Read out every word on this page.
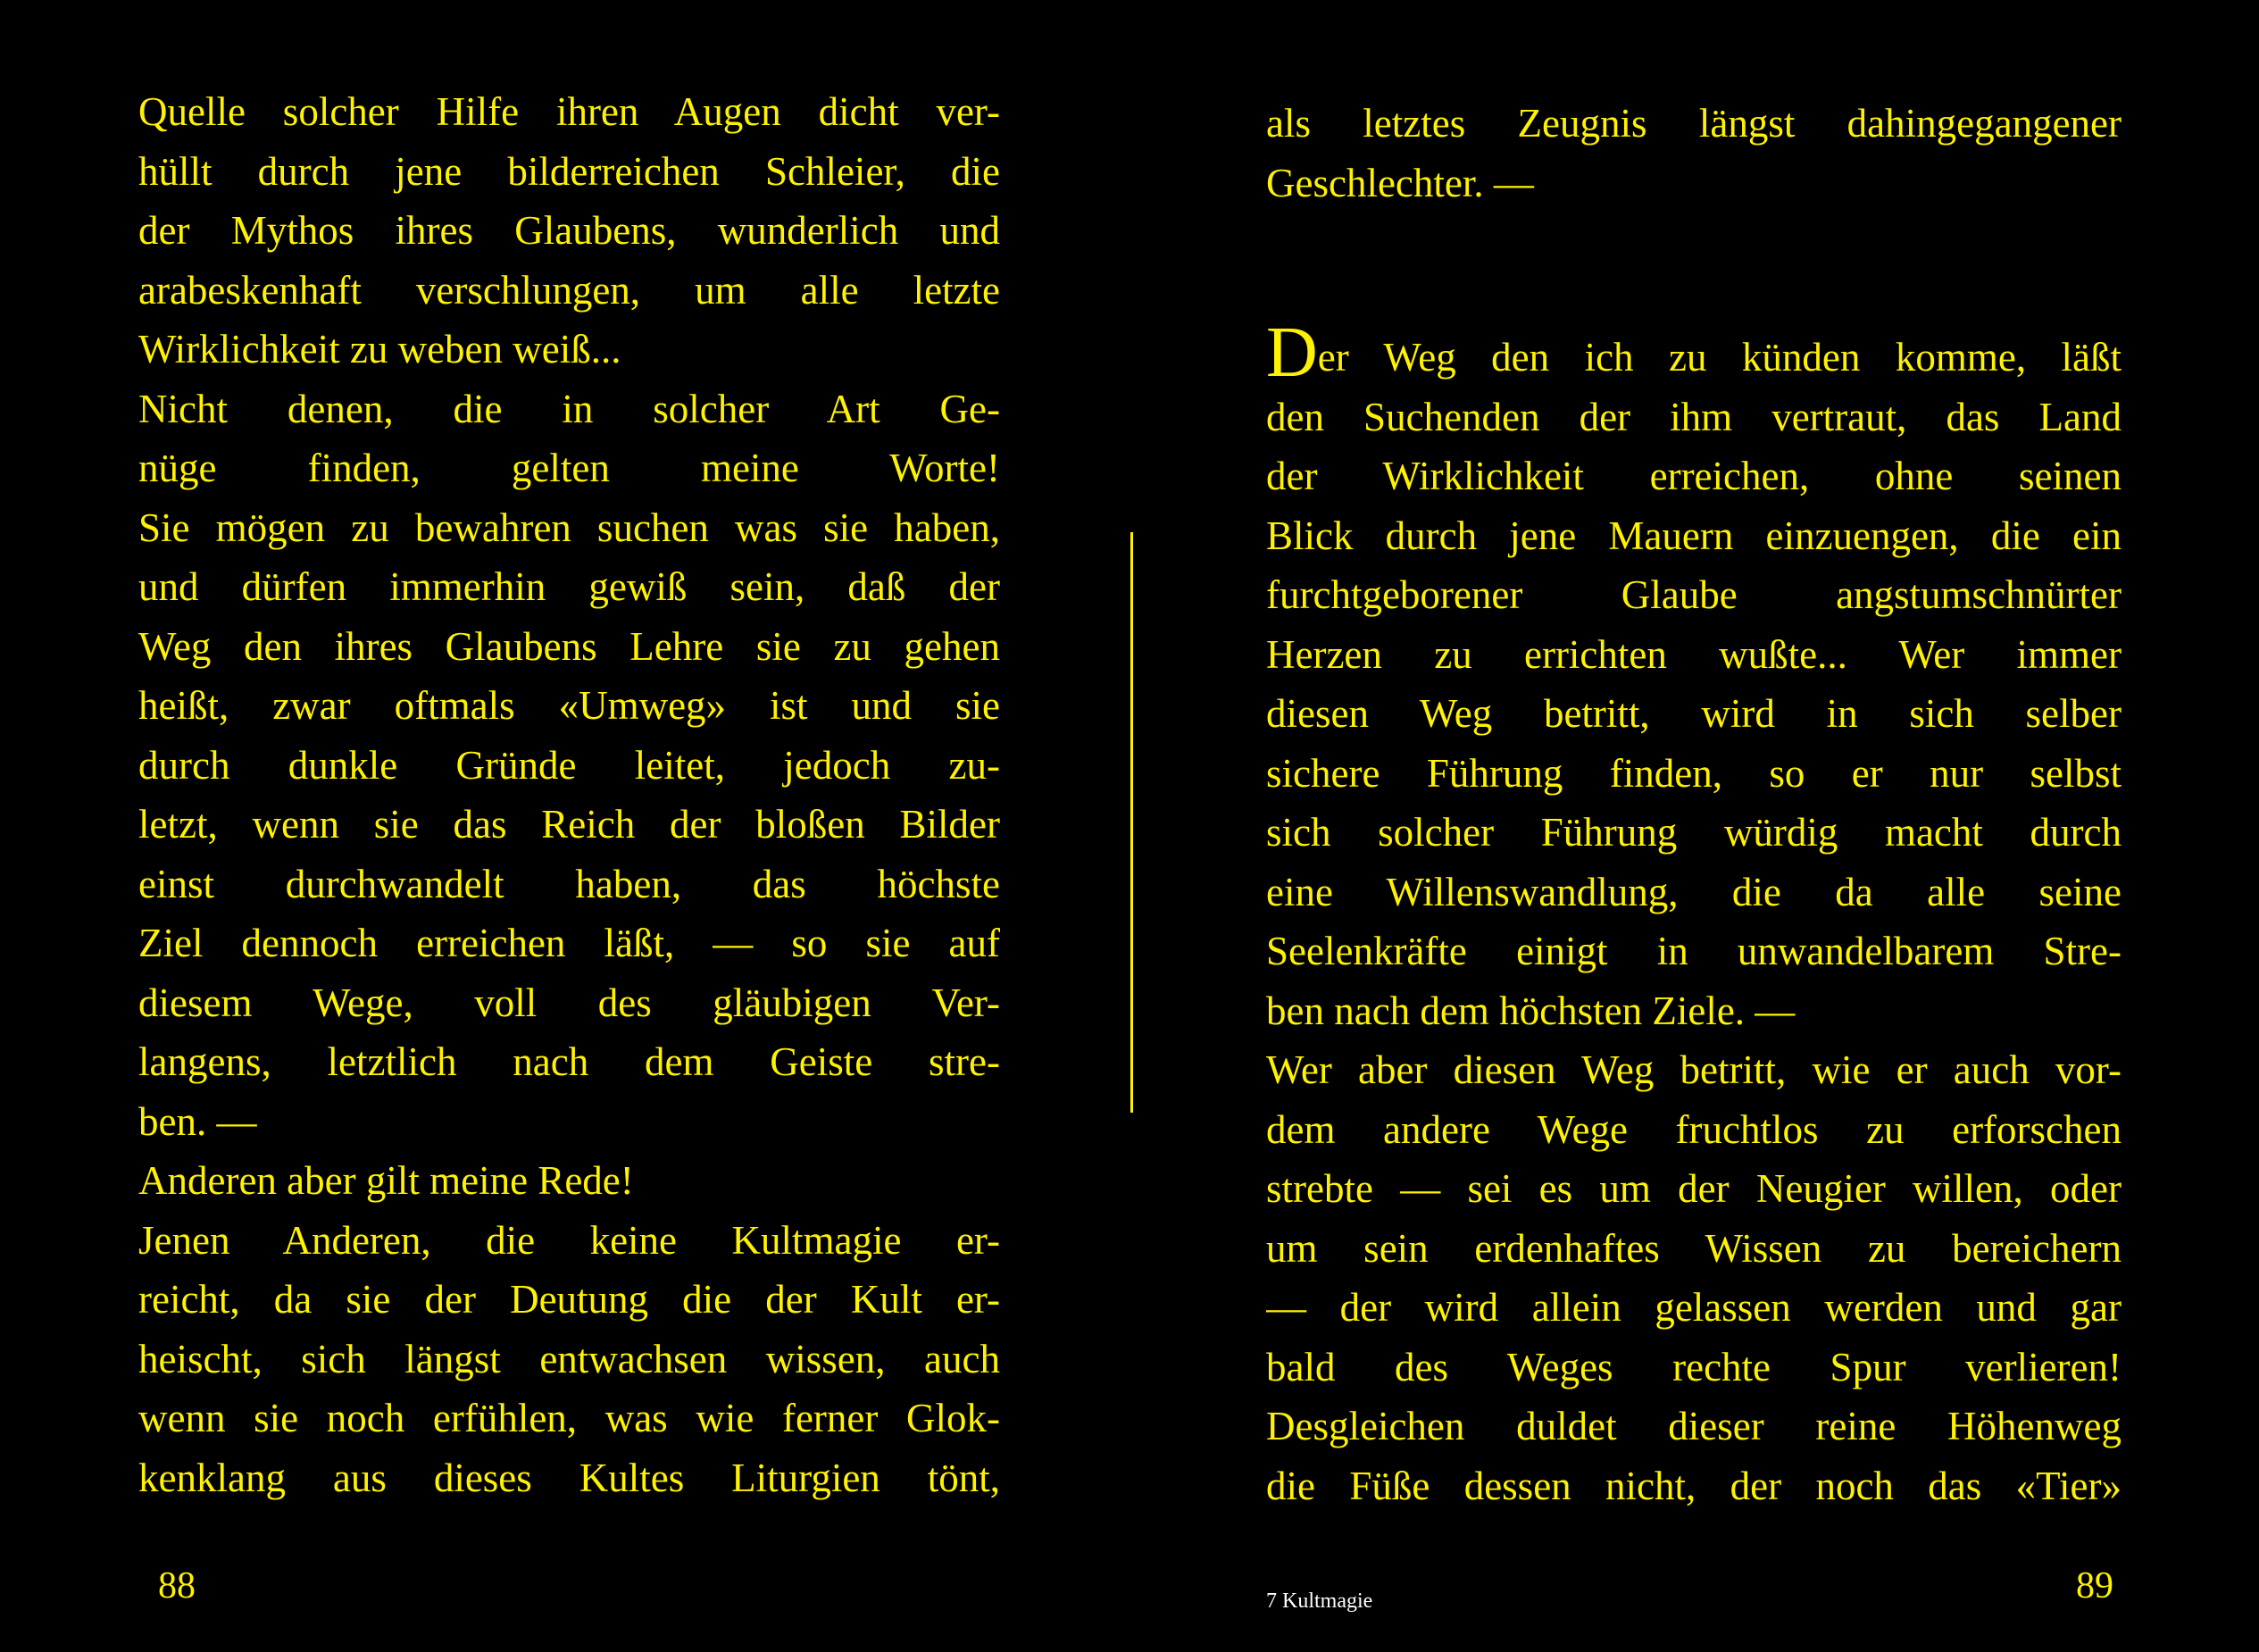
Quelle solcher Hilfe ihren Augen dicht ver-
hüllt durch jene bilderreichen Schleier, die
der Mythos ihres Glaubens, wunderlich und
arabeskenhaft verschlungen, um alle letzte
Wirklichkeit zu weben weiß...
Nicht denen, die in solcher Art Ge-
nüge finden, gelten meine Worte!
Sie mögen zu bewahren suchen was sie haben,
und dürfen immerhin gewiß sein, daß der
Weg den ihres Glaubens Lehre sie zu gehen
heißt, zwar oftmals «Umweg» ist und sie
durch dunkle Gründe leitet, jedoch zu-
letzt, wenn sie das Reich der bloßen Bilder
einst durchwandelt haben, das höchste
Ziel dennoch erreichen läßt, — so sie auf
diesem Wege, voll des gläubigen Ver-
langens, letztlich nach dem Geiste stre-
ben. —
Anderen aber gilt meine Rede!
Jenen Anderen, die keine Kultmagie er-
reicht, da sie der Deutung die der Kult er-
heischt, sich längst entwachsen wissen, auch
wenn sie noch erfühlen, was wie ferner Glok-
kenklang aus dieses Kultes Liturgien tönt,
88
als letztes Zeugnis längst dahingegangener
Geschlechter. —
Der Weg den ich zu künden komme, läßt
den Suchenden der ihm vertraut, das Land
der Wirklichkeit erreichen, ohne seinen
Blick durch jene Mauern einzuengen, die ein
furchtgeborener Glaube angstumschnürter
Herzen zu errichten wußte... Wer immer
diesen Weg betritt, wird in sich selber
sichere Führung finden, so er nur selbst
sich solcher Führung würdig macht durch
eine Willenswandlung, die da alle seine
Seelenkräfte einigt in unwandelbarem Stre-
ben nach dem höchsten Ziele. —
Wer aber diesen Weg betritt, wie er auch vor-
dem andere Wege fruchtlos zu erforschen
strebte — sei es um der Neugier willen, oder
um sein erdenhaftes Wissen zu bereichern
— der wird allein gelassen werden und gar
bald des Weges rechte Spur verlieren!
Desgleichen duldet dieser reine Höhenweg
die Füße dessen nicht, der noch das «Tier»
7 Kultmagie	89
